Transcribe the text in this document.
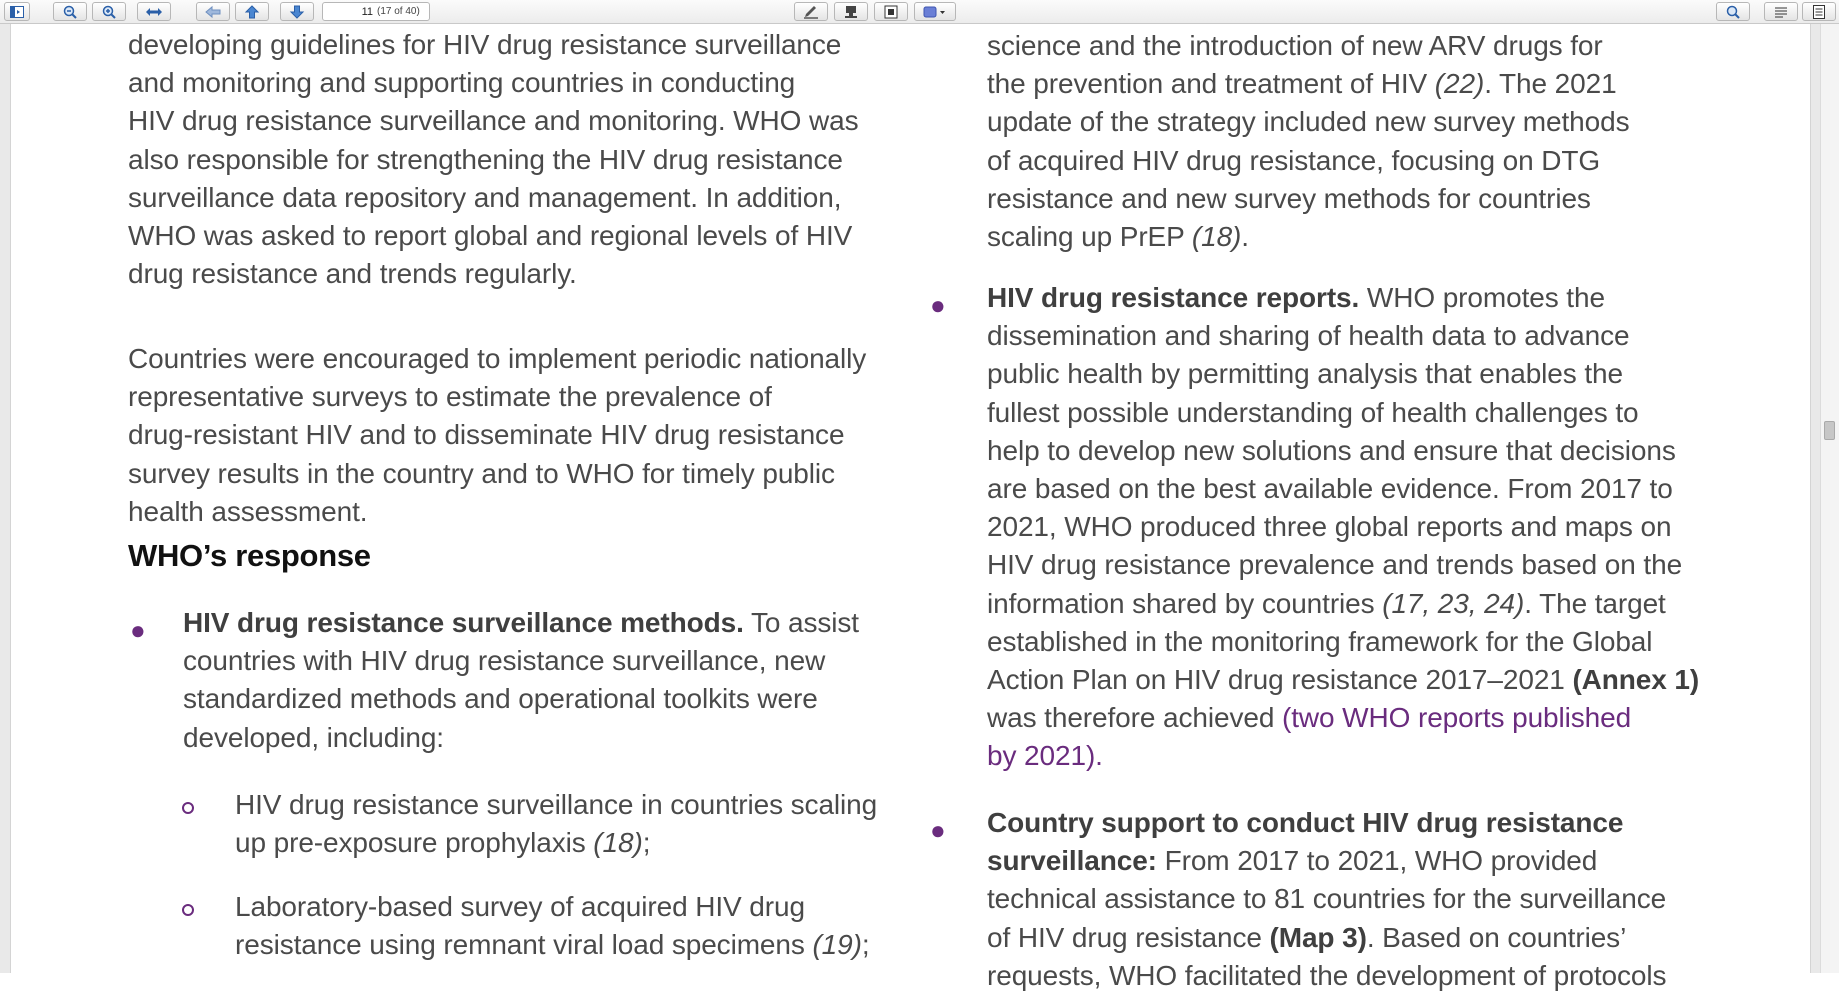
11
(17 of 40)

developing guidelines for HIV drug resistance surveillance
and monitoring and supporting countries in conducting
HIV drug resistance surveillance and monitoring. WHO was
also responsible for strengthening the HIV drug resistance
surveillance data repository and management. In addition,
WHO was asked to report global and regional levels of HIV
drug resistance and trends regularly.

Countries were encouraged to implement periodic nationally
representative surveys to estimate the prevalence of
drug-resistant HIV and to disseminate HIV drug resistance
survey results in the country and to WHO for timely public
health assessment.

WHO’s response
● HIV drug resistance surveillance methods. To assist
countries with HIV drug resistance surveillance, new
standardized methods and operational toolkits were
developed, including:

HIV drug resistance surveillance in countries scaling
up pre-exposure prophylaxis (18);

Laboratory-based survey of acquired HIV drug
resistance using remnant viral load specimens (19);

science and the introduction of new ARV drugs for
the prevention and treatment of HIV (22). The 2021
update of the strategy included new survey methods
of acquired HIV drug resistance, focusing on DTG
resistance and new survey methods for countries
scaling up PrEP (18).

● HIV drug resistance reports. WHO promotes the
dissemination and sharing of health data to advance
public health by permitting analysis that enables the
fullest possible understanding of health challenges to
help to develop new solutions and ensure that decisions
are based on the best available evidence. From 2017 to
2021, WHO produced three global reports and maps on
HIV drug resistance prevalence and trends based on the
information shared by countries (17, 23, 24). The target
established in the monitoring framework for the Global
Action Plan on HIV drug resistance 2017–2021 (Annex 1)
was therefore achieved (two WHO reports published
by 2021).

● Country support to conduct HIV drug resistance
surveillance: From 2017 to 2021, WHO provided
technical assistance to 81 countries for the surveillance
of HIV drug resistance (Map 3). Based on countries’
requests, WHO facilitated the development of protocols
